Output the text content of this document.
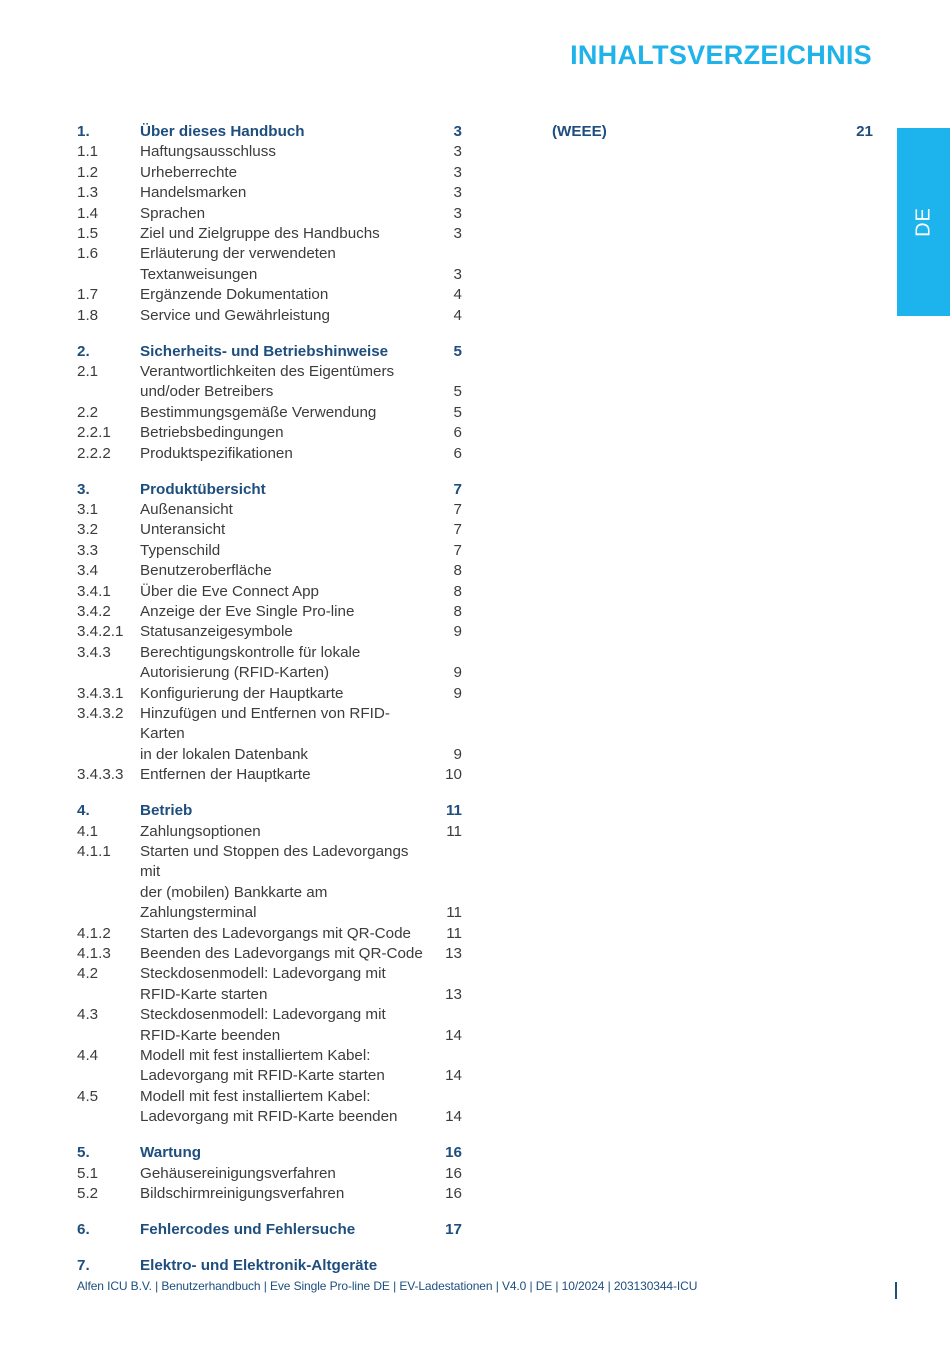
INHALTSVERZEICHNIS
DE
1.	Über dieses Handbuch	3
1.1	Haftungsausschluss	3
1.2	Urheberrechte	3
1.3	Handelsmarken	3
1.4	Sprachen	3
1.5	Ziel und Zielgruppe des Handbuchs	3
1.6	Erläuterung der verwendeten
Textanweisungen	3
1.7	Ergänzende Dokumentation	4
1.8	Service und Gewährleistung	4
2.	Sicherheits- und Betriebshinweise	5
2.1	Verantwortlichkeiten des Eigentümers
und/oder Betreibers	5
2.2	Bestimmungsgemäße Verwendung	5
2.2.1	Betriebsbedingungen	6
2.2.2	Produktspezifikationen	6
3.	Produktübersicht	7
3.1	Außenansicht	7
3.2	Unteransicht	7
3.3	Typenschild	7
3.4	Benutzeroberfläche	8
3.4.1	Über die Eve Connect App	8
3.4.2	Anzeige der Eve Single Pro-line	8
3.4.2.1	Statusanzeigesymbole	9
3.4.3	Berechtigungskontrolle für lokale
Autorisierung (RFID-Karten)	9
3.4.3.1	Konfigurierung der Hauptkarte	9
3.4.3.2	Hinzufügen und Entfernen von RFID-Karten
in der lokalen Datenbank	9
3.4.3.3	Entfernen der Hauptkarte	10
4.	Betrieb	11
4.1	Zahlungsoptionen	11
4.1.1	Starten und Stoppen des Ladevorgangs mit
der (mobilen) Bankkarte am
Zahlungsterminal	11
4.1.2	Starten des Ladevorgangs mit QR-Code	11
4.1.3	Beenden des Ladevorgangs mit QR-Code	13
4.2	Steckdosenmodell: Ladevorgang mit
RFID-Karte starten	13
4.3	Steckdosenmodell: Ladevorgang mit
RFID-Karte beenden	14
4.4	Modell mit fest installiertem Kabel:
Ladevorgang mit RFID-Karte starten	14
4.5	Modell mit fest installiertem Kabel:
Ladevorgang mit RFID-Karte beenden	14
5.	Wartung	16
5.1	Gehäusereinigungsverfahren	16
5.2	Bildschirmreinigungsverfahren	16
6.	Fehlercodes und Fehlersuche	17
7.	Elektro- und Elektronik-Altgeräte
(WEEE)	21
Alfen ICU B.V. | Benutzerhandbuch | Eve Single Pro-line DE | EV-Ladestationen | V4.0 | DE | 10/2024 | 203130344-ICU
